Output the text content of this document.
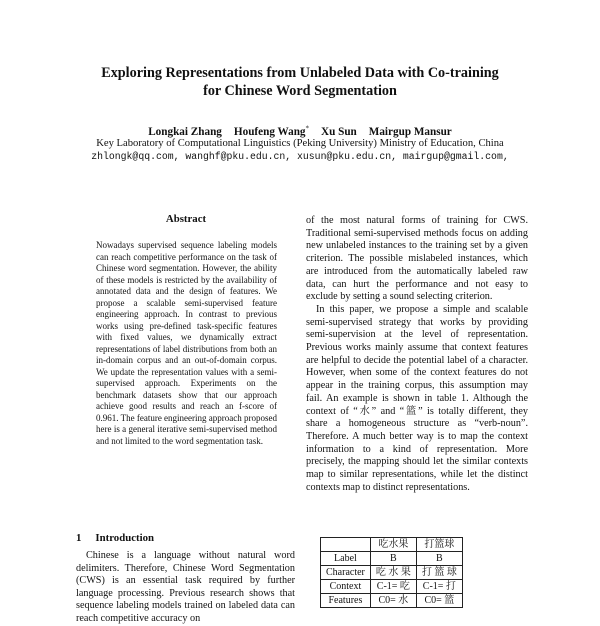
Exploring Representations from Unlabeled Data with Co-training
for Chinese Word Segmentation
Longkai Zhang Houfeng Wang* Xu Sun Mairgup Mansur
Key Laboratory of Computational Linguistics (Peking University) Ministry of Education, China
zhlongk@qq.com, wanghf@pku.edu.cn, xusun@pku.edu.cn, mairgup@gmail.com,
Abstract
Nowadays supervised sequence labeling models can reach competitive performance on the task of Chinese word segmentation. However, the ability of these models is restricted by the availability of annotated data and the design of features. We propose a scalable semi-supervised feature engineering approach. In contrast to previous works using pre-defined task-specific features with fixed values, we dynamically extract representations of label distributions from both an in-domain corpus and an out-of-domain corpus. We update the representation values with a semi-supervised approach. Experiments on the benchmark datasets show that our approach achieve good results and reach an f-score of 0.961. The feature engineering approach proposed here is a general iterative semi-supervised method and not limited to the word segmentation task.
1 Introduction
Chinese is a language without natural word delimiters. Therefore, Chinese Word Segmentation (CWS) is an essential task required by further language processing. Previous research shows that sequence labeling models trained on labeled data can reach competitive accuracy on

of the most natural forms of training for CWS. Traditional semi-supervised methods focus on adding new unlabeled instances to the training set by a given criterion. The possible mislabeled instances, which are introduced from the automatically labeled raw data, can hurt the performance and not easy to exclude by setting a sound selecting criterion.

In this paper, we propose a simple and scalable semi-supervised strategy that works by providing semi-supervision at the level of representation. Previous works mainly assume that context features are helpful to decide the potential label of a character. However, when some of the context features do not appear in the training corpus, this assumption may fail. An example is shown in table 1. Although the context of “水” and “篮” is totally different, they share a homogeneous structure as “verb-noun”. Therefore. A much better way is to map the context information to a kind of representation. More precisely, the mapping should let the similar contexts map to similar representations, while let the distinct contexts map to distinct representations.

	吃水果	打篮球
Label	B	B
Character	吃 水 果	打 篮 球
Context	C-1= 吃	C-1= 打
Features	C0= 水	C0= 篮
